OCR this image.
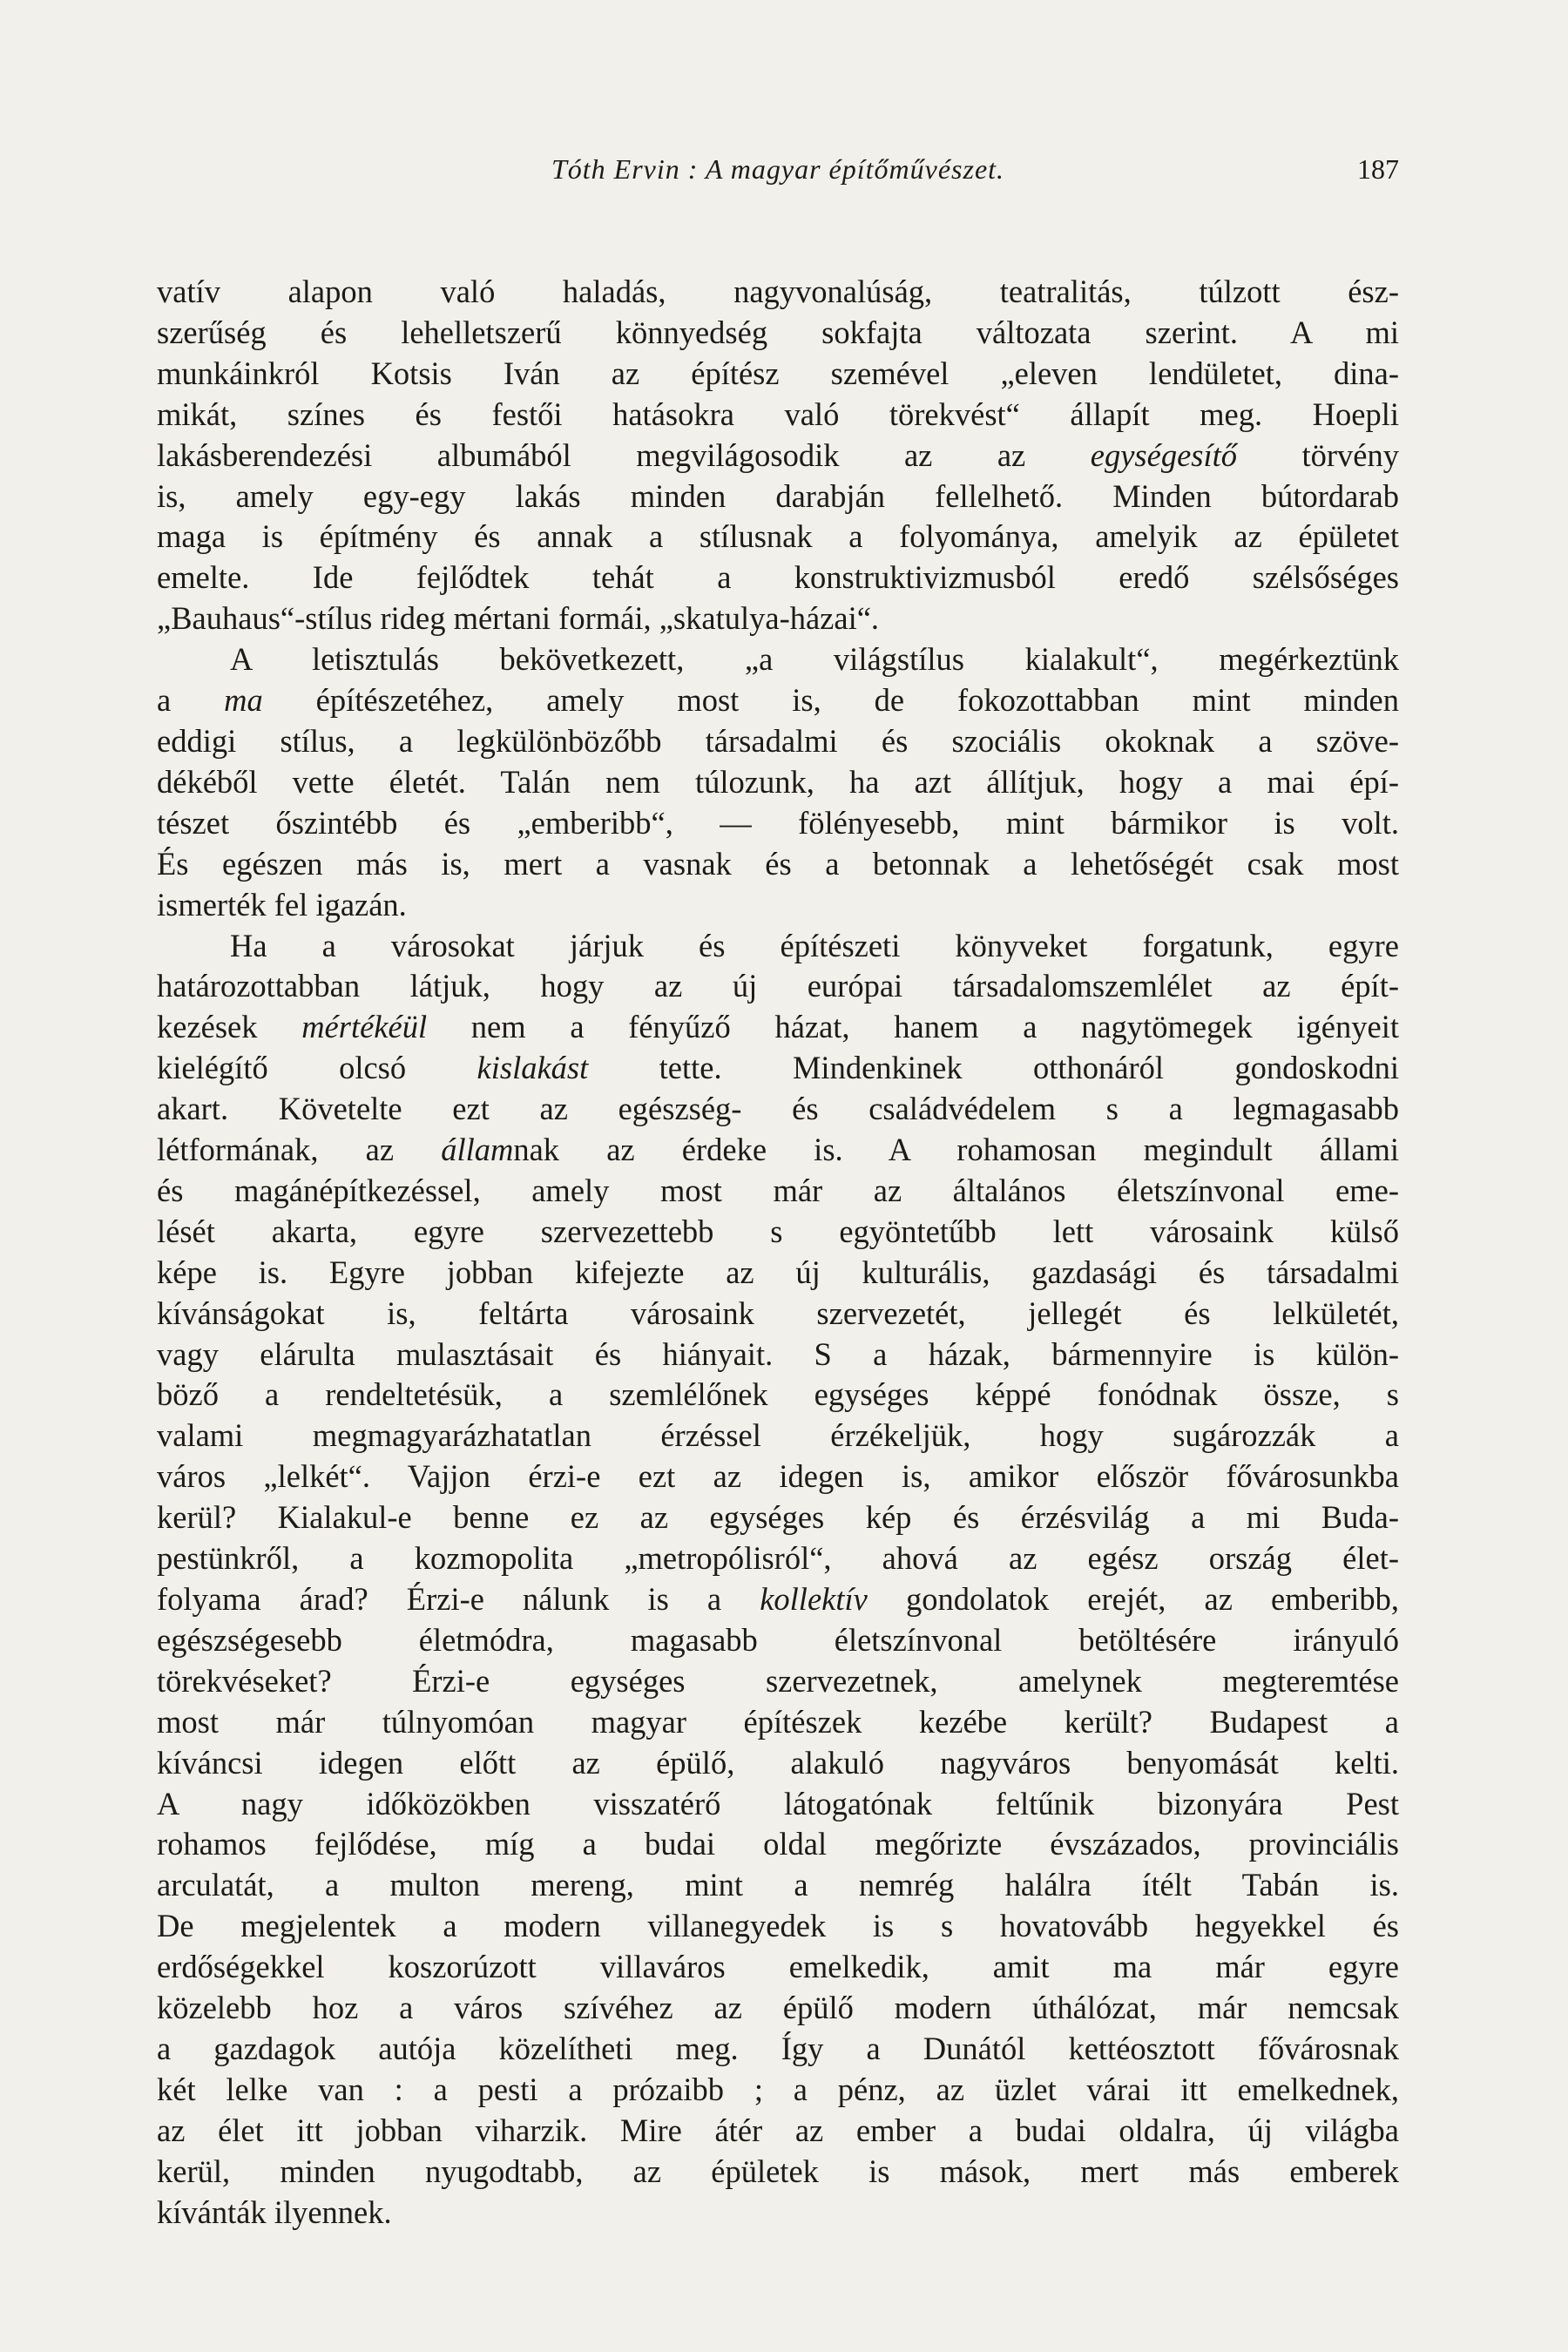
Tóth Ervin : A magyar építőművészet.	187
vatív alapon való haladás, nagyvonalúság, teatralitás, túlzott ész-
szerűség és lehelletszerű könnyedség sokfajta változata szerint. A mi
munkáinkról Kotsis Iván az építész szemével „eleven lendületet, dina-
mikát, színes és festői hatásokra való törekvést“ állapít meg. Hoepli
lakásberendezési albumából megvilágosodik az az egységesítő törvény
is, amely egy-egy lakás minden darabján fellelhető. Minden bútordarab
maga is építmény és annak a stílusnak a folyománya, amelyik az épületet
emelte. Ide fejlődtek tehát a konstruktivizmusból eredő szélsőséges
„Bauhaus“-stílus rideg mértani formái, „skatulya-házai“.
A letisztulás bekövetkezett, „a világstílus kialakult“, megérkeztünk
a ma építészetéhez, amely most is, de fokozottabban mint minden
eddigi stílus, a legkülönbözőbb társadalmi és szociális okoknak a szöve-
dékéből vette életét. Talán nem túlozunk, ha azt állítjuk, hogy a mai épí-
tészet őszintébb és „emberibb“, — fölényesebb, mint bármikor is volt.
És egészen más is, mert a vasnak és a betonnak a lehetőségét csak most
ismerték fel igazán.
Ha a városokat járjuk és építészeti könyveket forgatunk, egyre
határozottabban látjuk, hogy az új európai társadalomszemlélet az épít-
kezések mértékéül nem a fényűző házat, hanem a nagytömegek igényeit
kielégítő olcsó kislakást tette. Mindenkinek otthonáról gondoskodni
akart. Követelte ezt az egészség- és családvédelem s a legmagasabb
létformának, az államnak az érdeke is. A rohamosan megindult állami
és magánépítkezéssel, amely most már az általános életszínvonal eme-
lését akarta, egyre szervezettebb s egyöntetűbb lett városaink külső
képe is. Egyre jobban kifejezte az új kulturális, gazdasági és társadalmi
kívánságokat is, feltárta városaink szervezetét, jellegét és lelkületét,
vagy elárulta mulasztásait és hiányait. S a házak, bármennyire is külön-
böző a rendeltetésük, a szemlélőnek egységes képpé fonódnak össze, s
valami megmagyarázhatatlan érzéssel érzékeljük, hogy sugározzák a
város „lelkét“. Vajjon érzi-e ezt az idegen is, amikor először fővárosunkba
kerül? Kialakul-e benne ez az egységes kép és érzésvilág a mi Buda-
pestünkről, a kozmopolita „metropólisról“, ahová az egész ország élet-
folyama árad? Érzi-e nálunk is a kollektív gondolatok erejét, az emberibb,
egészségesebb életmódra, magasabb életszínvonal betöltésére irányuló
törekvéseket? Érzi-e egységes szervezetnek, amelynek megteremtése
most már túlnyomóan magyar építészek kezébe került? Budapest a
kíváncsi idegen előtt az épülő, alakuló nagyváros benyomását kelti.
A nagy időközökben visszatérő látogatónak feltűnik bizonyára Pest
rohamos fejlődése, míg a budai oldal megőrizte évszázados, provinciális
arculatát, a multon mereng, mint a nemrég halálra ítélt Tabán is.
De megjelentek a modern villanegyedek is s hovatovább hegyekkel és
erdőségekkel koszorúzott villaváros emelkedik, amit ma már egyre
közelebb hoz a város szívéhez az épülő modern úthálózat, már nemcsak
a gazdagok autója közelítheti meg. Így a Dunától kettéosztott fővárosnak
két lelke van : a pesti a prózaibb ; a pénz, az üzlet várai itt emelkednek,
az élet itt jobban viharzik. Mire átér az ember a budai oldalra, új világba
kerül, minden nyugodtabb, az épületek is mások, mert más emberek
kívánták ilyennek.
